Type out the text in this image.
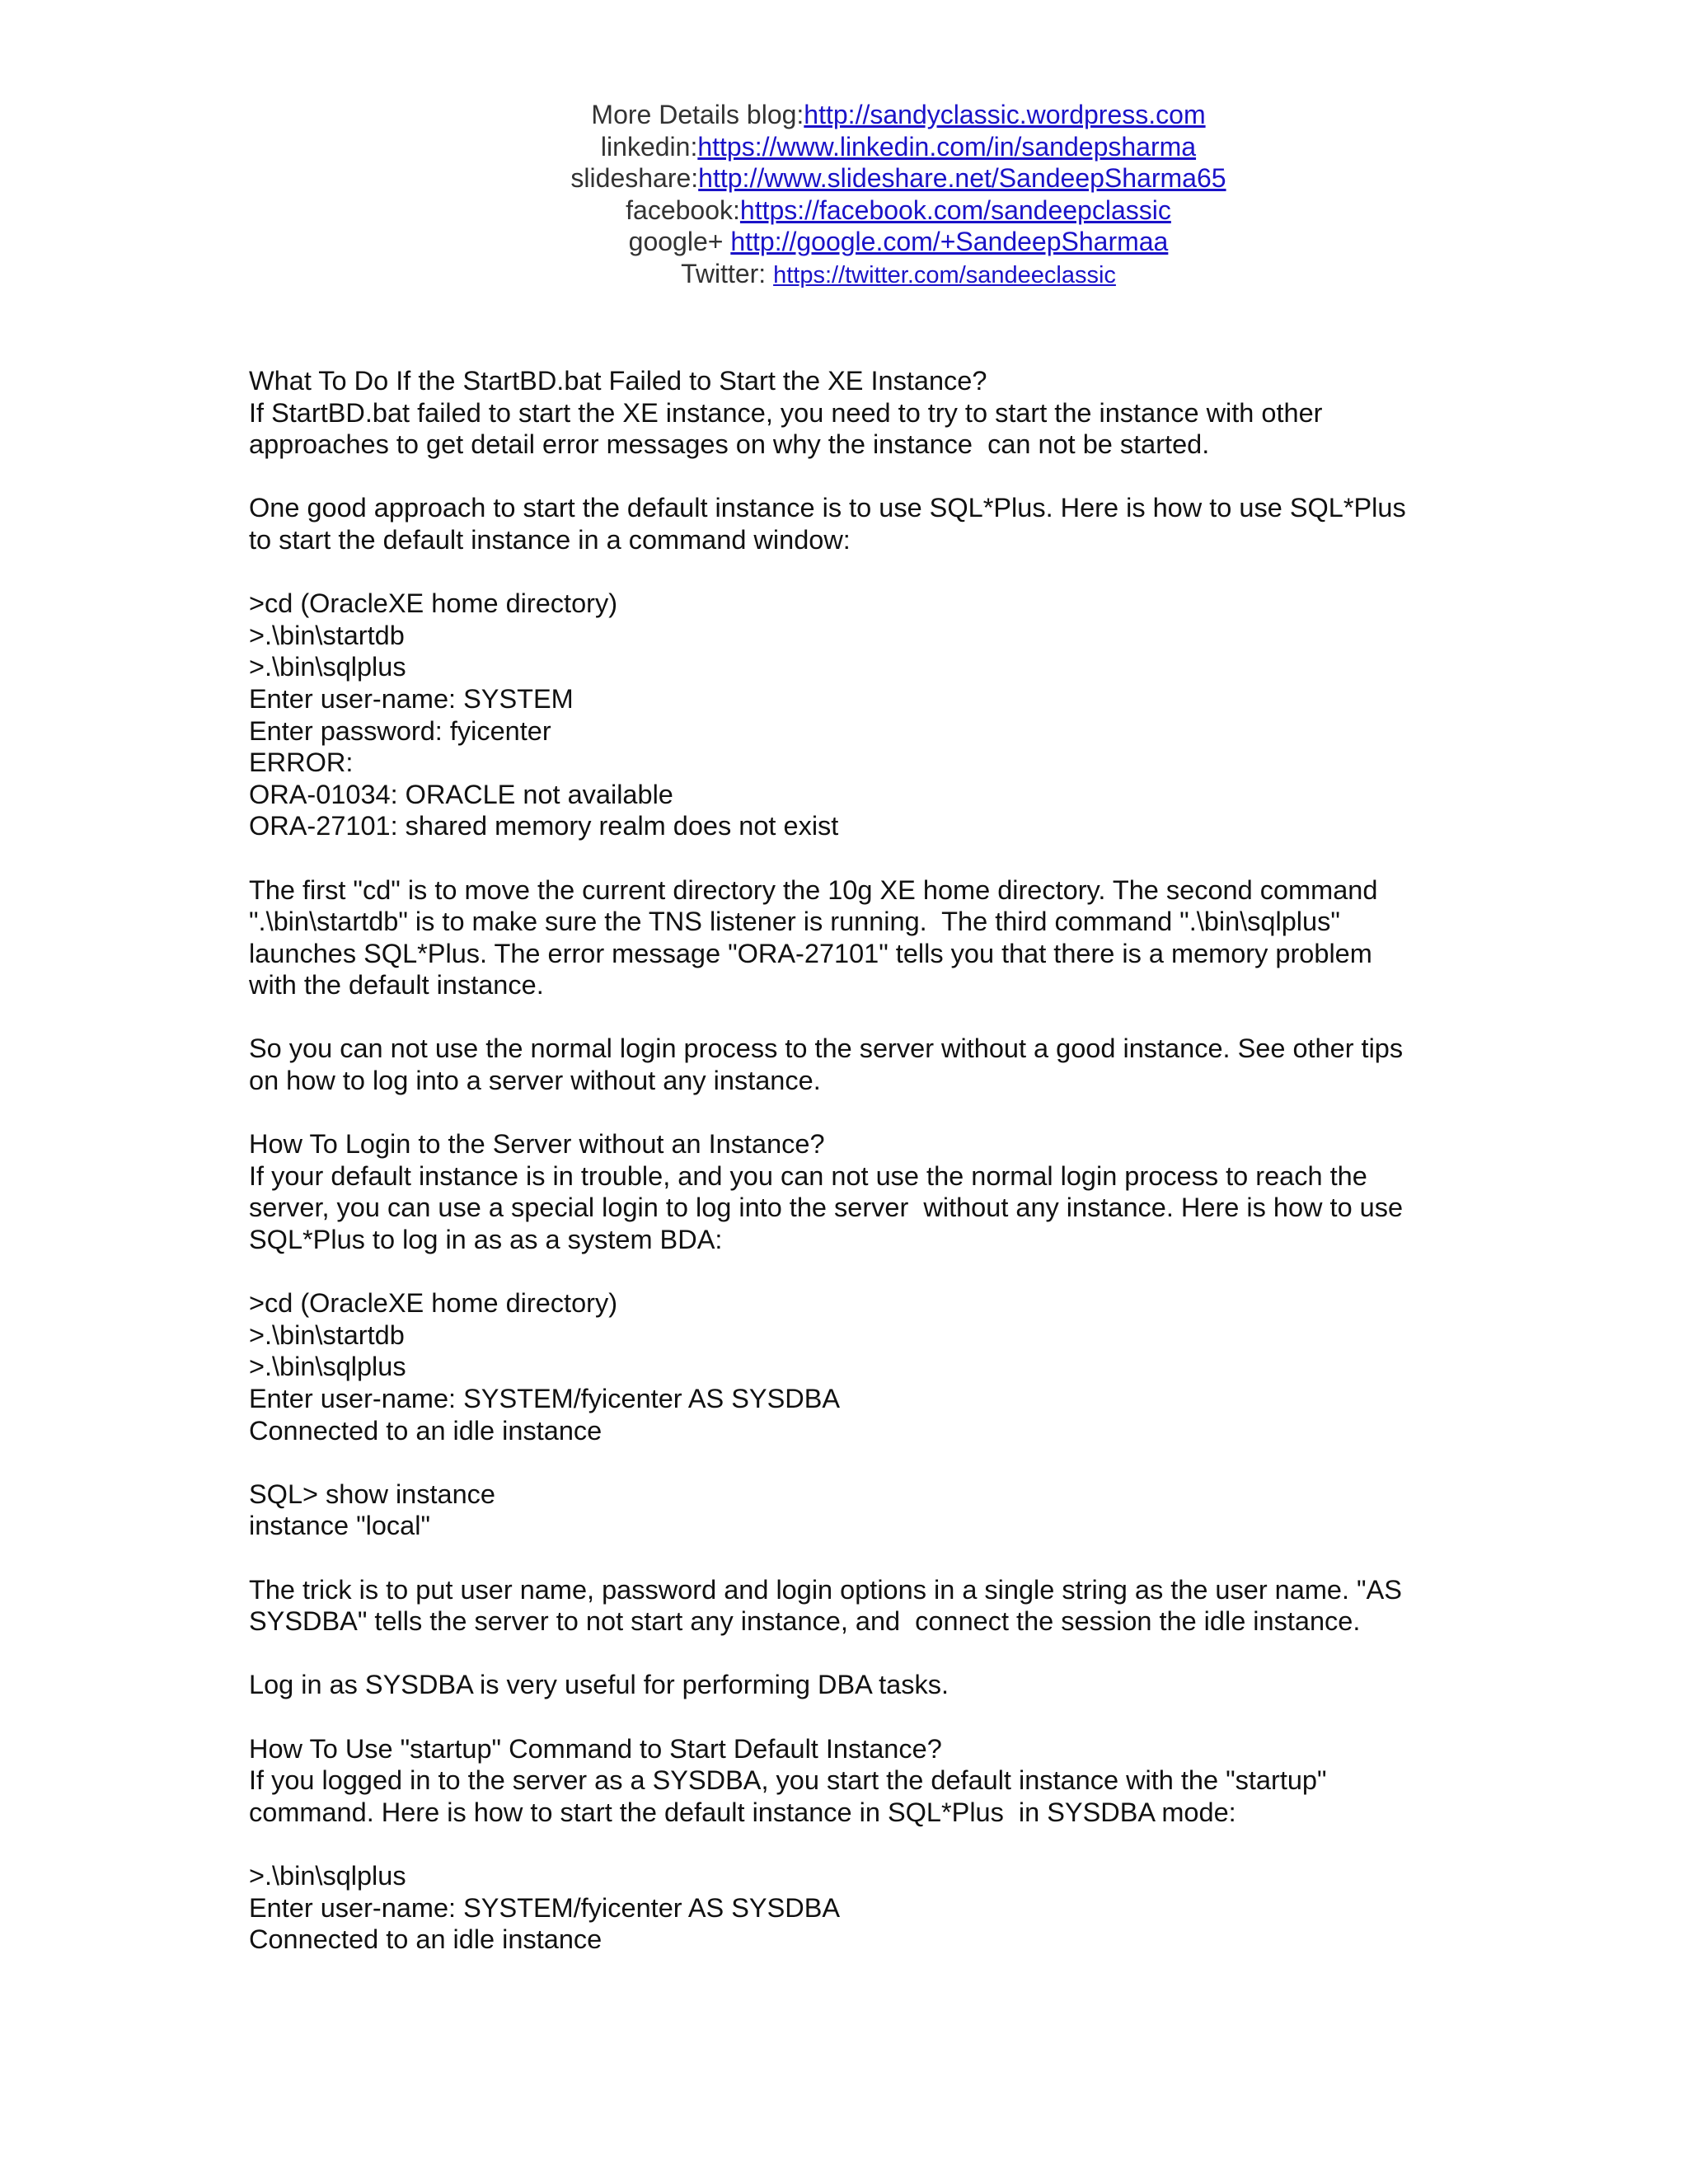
More Details blog:http://sandyclassic.wordpress.com
linkedin:https://www.linkedin.com/in/sandepsharma
slideshare:http://www.slideshare.net/SandeepSharma65
facebook:https://facebook.com/sandeepclassic
google+ http://google.com/+SandeepSharmaa
Twitter: https://twitter.com/sandeeclassic
What To Do If the StartBD.bat Failed to Start the XE Instance?
If StartBD.bat failed to start the XE instance, you need to try to start the instance with other
approaches to get detail error messages on why the instance  can not be started.
One good approach to start the default instance is to use SQL*Plus. Here is how to use SQL*Plus
to start the default instance in a command window:
>cd (OracleXE home directory)
>.\bin\startdb
>.\bin\sqlplus
Enter user-name: SYSTEM
Enter password: fyicenter
ERROR:
ORA-01034: ORACLE not available
ORA-27101: shared memory realm does not exist
The first "cd" is to move the current directory the 10g XE home directory. The second command
".\bin\startdb" is to make sure the TNS listener is running.  The third command ".\bin\sqlplus"
launches SQL*Plus. The error message "ORA-27101" tells you that there is a memory problem
with the default instance.
So you can not use the normal login process to the server without a good instance. See other tips
on how to log into a server without any instance.
How To Login to the Server without an Instance?
If your default instance is in trouble, and you can not use the normal login process to reach the
server, you can use a special login to log into the server  without any instance. Here is how to use
SQL*Plus to log in as as a system BDA:
>cd (OracleXE home directory)
>.\bin\startdb
>.\bin\sqlplus
Enter user-name: SYSTEM/fyicenter AS SYSDBA
Connected to an idle instance
SQL> show instance
instance "local"
The trick is to put user name, password and login options in a single string as the user name. "AS
SYSDBA" tells the server to not start any instance, and  connect the session the idle instance.
Log in as SYSDBA is very useful for performing DBA tasks.
How To Use "startup" Command to Start Default Instance?
If you logged in to the server as a SYSDBA, you start the default instance with the "startup"
command. Here is how to start the default instance in SQL*Plus  in SYSDBA mode:
>.\bin\sqlplus
Enter user-name: SYSTEM/fyicenter AS SYSDBA
Connected to an idle instance
